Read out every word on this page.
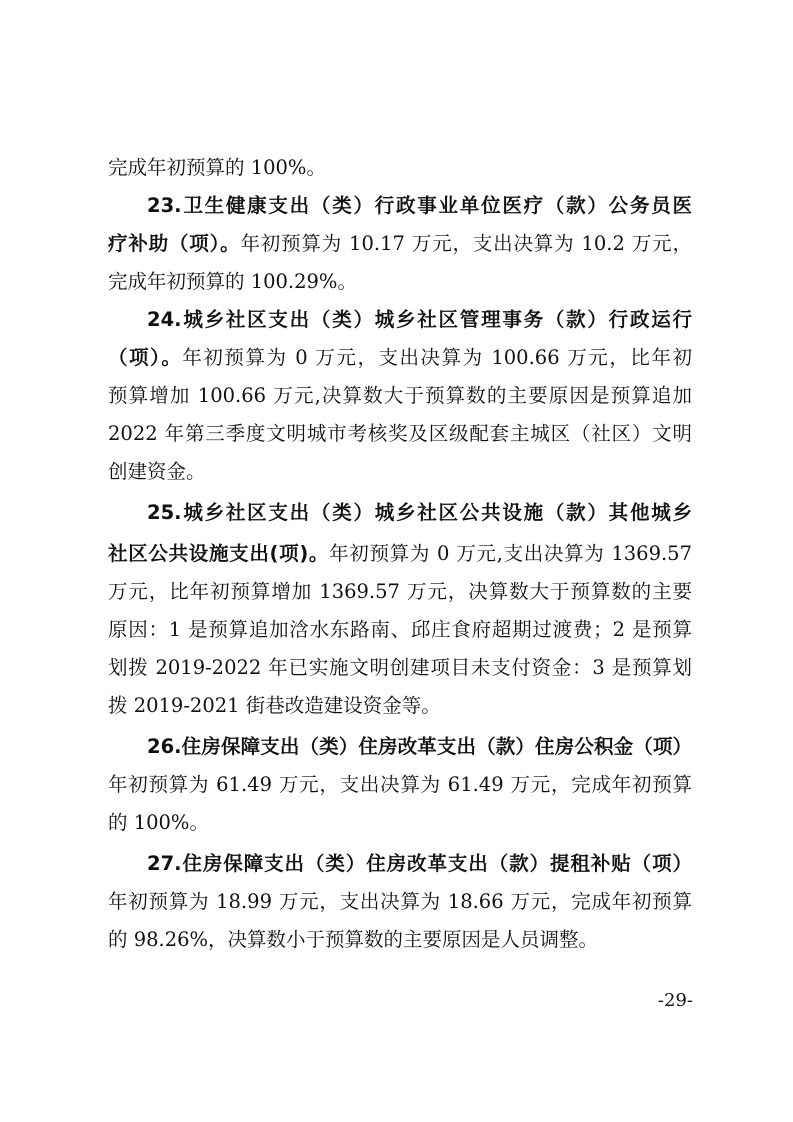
完成年初预算的 100%。
23.卫生健康支出（类）行政事业单位医疗（款）公务员医
疗补助（项）。年初预算为 10.17 万元，支出决算为 10.2 万元，
完成年初预算的 100.29%。
24.城乡社区支出（类）城乡社区管理事务（款）行政运行
（项）。年初预算为 0 万元，支出决算为 100.66 万元，比年初
预算增加 100.66 万元,决算数大于预算数的主要原因是预算追加
2022 年第三季度文明城市考核奖及区级配套主城区（社区）文明
创建资金。
25.城乡社区支出（类）城乡社区公共设施（款）其他城乡
社区公共设施支出(项)。年初预算为 0 万元,支出决算为 1369.57
万元，比年初预算增加 1369.57 万元，决算数大于预算数的主要
原因：1 是预算追加浛水东路南、邱庄食府超期过渡费；2 是预算
划拨 2019-2022 年已实施文明创建项目未支付资金：3 是预算划
拨 2019-2021 街巷改造建设资金等。
26.住房保障支出（类）住房改革支出（款）住房公积金（项）
年初预算为 61.49 万元，支出决算为 61.49 万元，完成年初预算
的 100%。
27.住房保障支出（类）住房改革支出（款）提租补贴（项）
年初预算为 18.99 万元，支出决算为 18.66 万元，完成年初预算
的 98.26%，决算数小于预算数的主要原因是人员调整。
-29-
